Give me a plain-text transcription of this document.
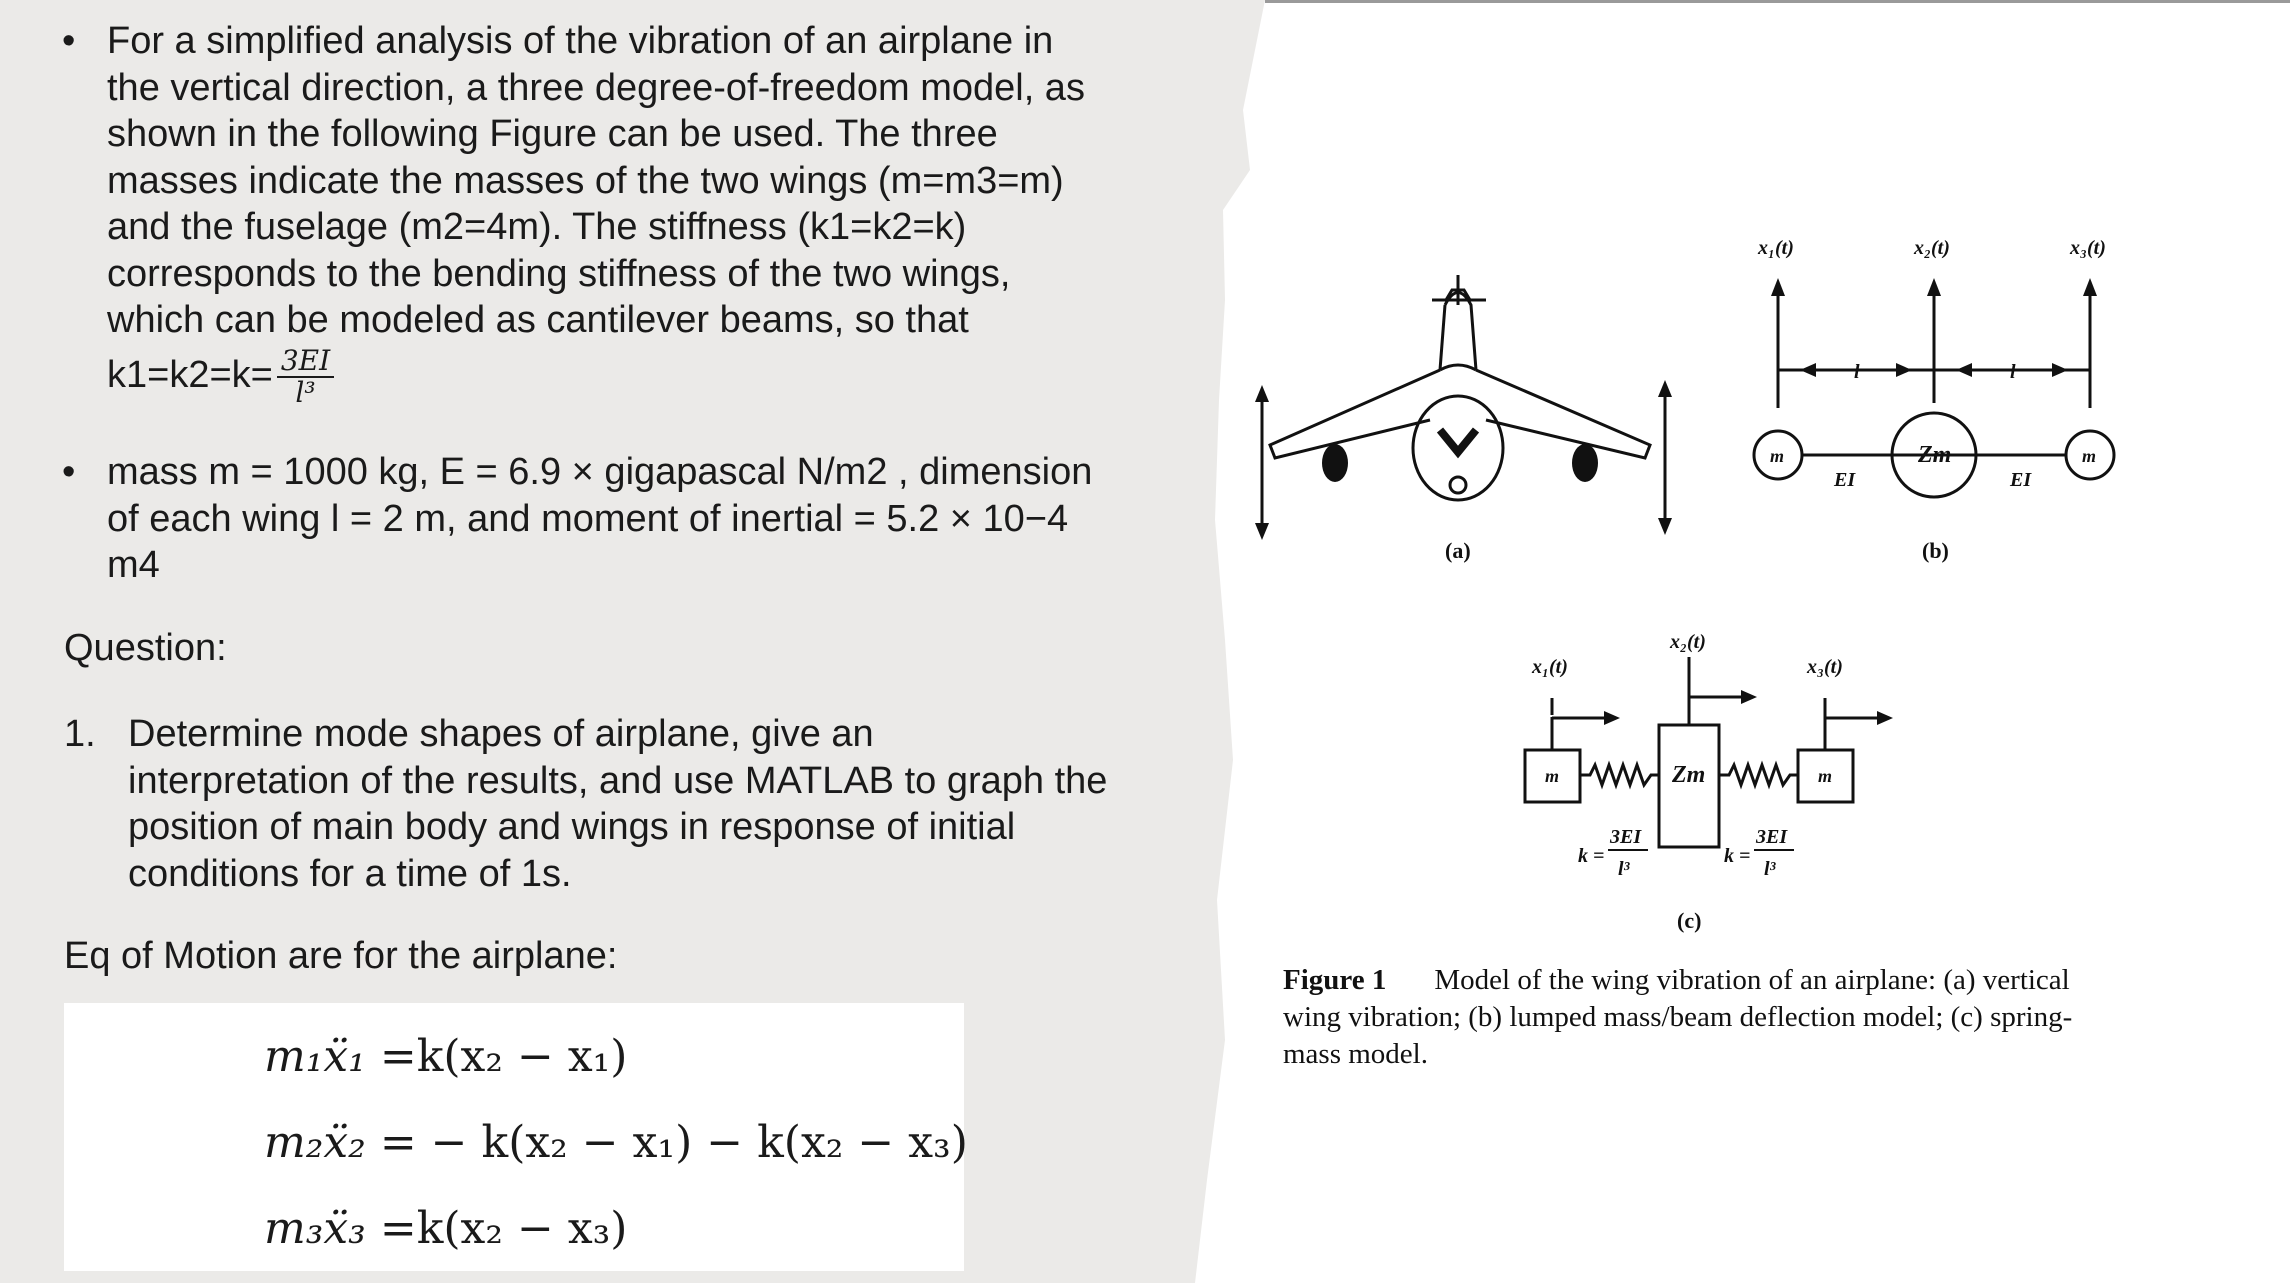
• For a simplified analysis of the vibration of an airplane in
the vertical direction, a three degree-of-freedom model, as
shown in the following Figure can be used. The three
masses indicate the masses of the two wings (m=m3=m)
and the fuselage (m2=4m). The stiffness (k1=k2=k)
corresponds to the bending stiffness of the two wings,
which can be modeled as cantilever beams, so that
$k1=k2=k= \frac{3EI}{\text{l³}}$
• mass m = 1000 kg, E = 6.9 × gigapascal N/m2 , dimension
of each wing l = 2 m, and moment of inertial = 5.2 × 10−4
m4
Question:
1. Determine mode shapes of airplane, give an
interpretation of the results, and use MATLAB to graph the
position of main body and wings in response of initial
conditions for a time of 1s.
Eq of Motion are for the airplane:
m₁ẍ₁ =k(x₂ − x₁)
m₂ẍ₂ = − k(x₂ − x₁) − k(x₂ − x₃)
m₃ẍ₃ =k(x₂ − x₃)
(a)
x₁(t)	x₂(t)	x₃(t)
l	l
m	Zm	m
EI	EI
(b)
x₁(t)
x₂(t)
x₃(t)
m	Zm	m
k =
3EI
l³
k =
3EI
l³
(c)
Figure 1 Model of the wing vibration of an airplane: (a) vertical wing vibration; (b) lumped mass/beam deflection model; (c) spring-mass model.
